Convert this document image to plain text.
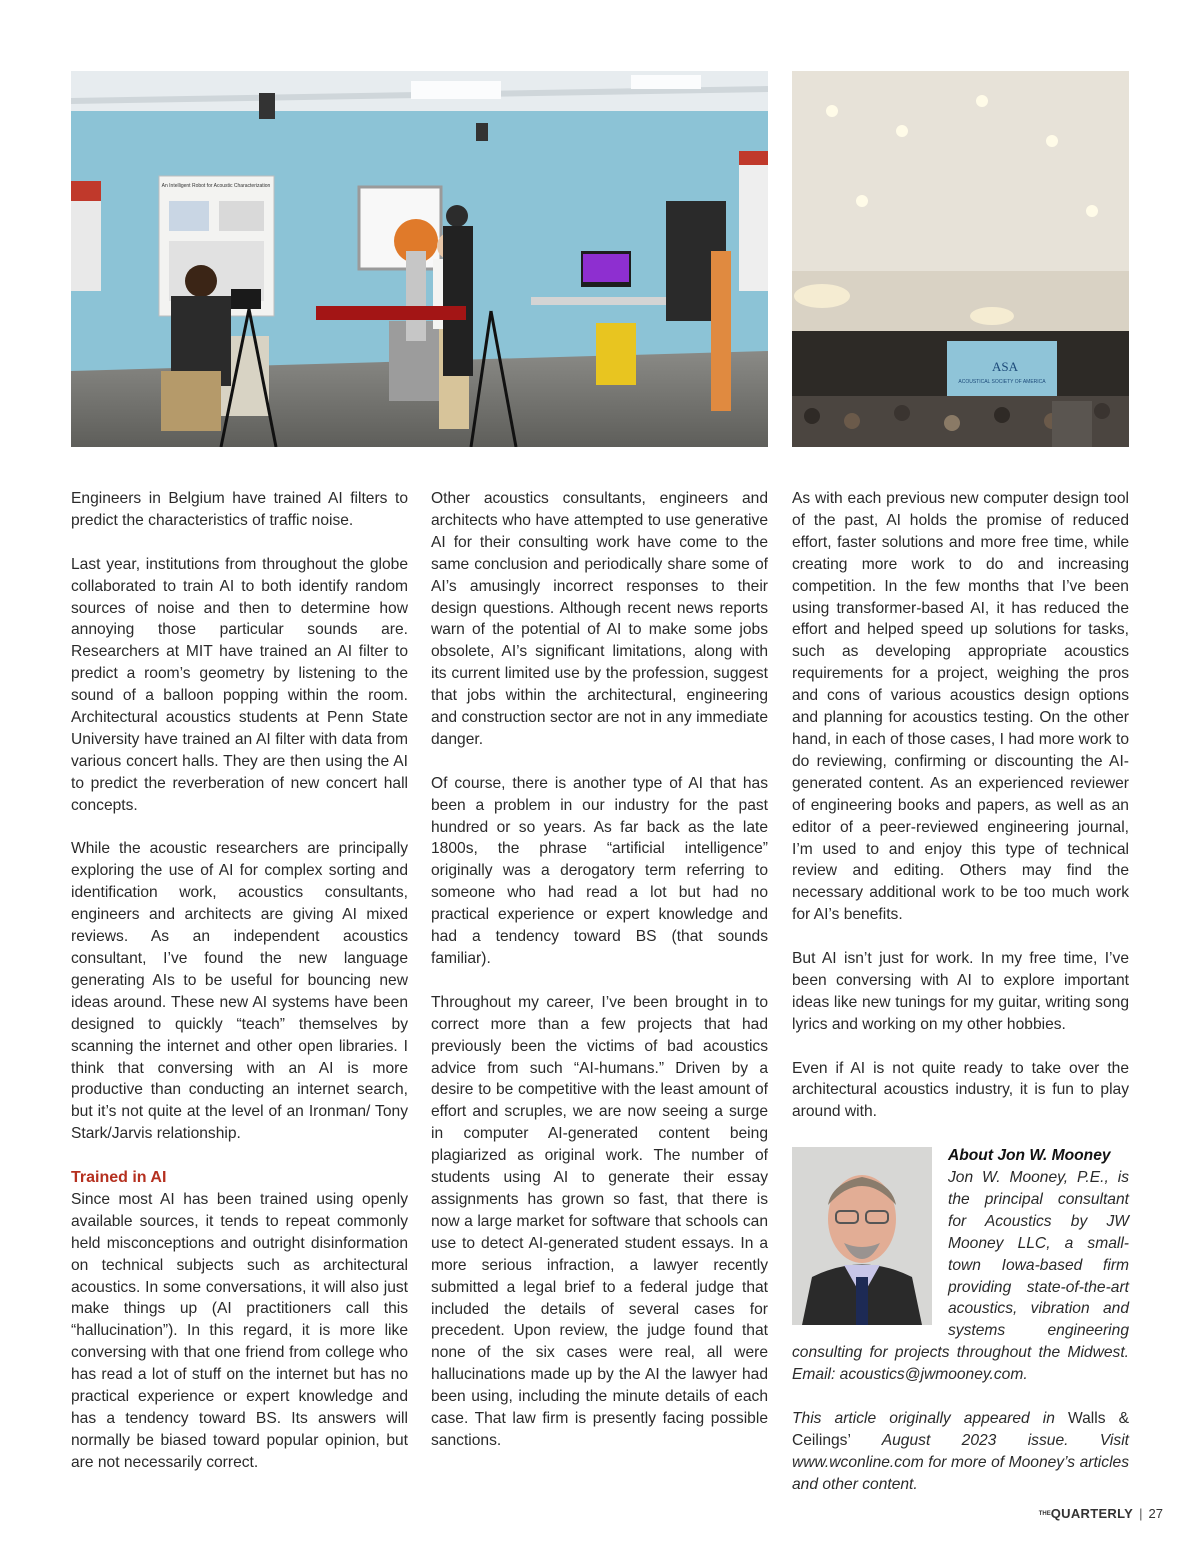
An Intelligent Robot for Acoustic Characterization
ASA
ACOUSTICAL SOCIETY OF AMERICA

Engineers in Belgium have trained AI filters to predict the characteristics of traffic noise.

Last year, institutions from throughout the globe collaborated to train AI to both identify random sources of noise and then to determine how annoying those particular sounds are. Researchers at MIT have trained an AI filter to predict a room’s geometry by listening to the sound of a balloon popping within the room. Architectural acoustics students at Penn State University have trained an AI filter with data from various concert halls. They are then using the AI to predict the reverberation of new concert hall concepts.

While the acoustic researchers are principally exploring the use of AI for complex sorting and identification work, acoustics consultants, engineers and architects are giving AI mixed reviews. As an independent acoustics consultant, I’ve found the new language generating AIs to be useful for bouncing new ideas around. These new AI systems have been designed to quickly “teach” themselves by scanning the internet and other open libraries. I think that conversing with an AI is more productive than conducting an internet search, but it’s not quite at the level of an Ironman/ Tony Stark/Jarvis relationship.

Trained in AI

Since most AI has been trained using openly available sources, it tends to repeat commonly held misconceptions and outright disinformation on technical subjects such as architectural acoustics. In some conversations, it will also just make things up (AI practitioners call this “hallucination”). In this regard, it is more like conversing with that one friend from college who has read a lot of stuff on the internet but has no practical experience or expert knowledge and has a tendency toward BS. Its answers will normally be biased toward popular opinion, but are not necessarily correct.

Other acoustics consultants, engineers and architects who have attempted to use generative AI for their consulting work have come to the same conclusion and periodically share some of AI’s amusingly incorrect responses to their design questions. Although recent news reports warn of the potential of AI to make some jobs obsolete, AI’s significant limitations, along with its current limited use by the profession, suggest that jobs within the architectural, engineering and construction sector are not in any immediate danger.

Of course, there is another type of AI that has been a problem in our industry for the past hundred or so years. As far back as the late 1800s, the phrase “artificial intelligence” originally was a derogatory term referring to someone who had read a lot but had no practical experience or expert knowledge and had a tendency toward BS (that sounds familiar).

Throughout my career, I’ve been brought in to correct more than a few projects that had previously been the victims of bad acoustics advice from such “AI-humans.” Driven by a desire to be competitive with the least amount of effort and scruples, we are now seeing a surge in computer AI-generated content being plagiarized as original work. The number of students using AI to generate their essay assignments has grown so fast, that there is now a large market for software that schools can use to detect AI-generated student essays. In a more serious infraction, a lawyer recently submitted a legal brief to a federal judge that included the details of several cases for precedent. Upon review, the judge found that none of the six cases were real, all were hallucinations made up by the AI the lawyer had been using, including the minute details of each case. That law firm is presently facing possible sanctions.

As with each previous new computer design tool of the past, AI holds the promise of reduced effort, faster solutions and more free time, while creating more work to do and increasing competition. In the few months that I’ve been using transformer-based AI, it has reduced the effort and helped speed up solutions for tasks, such as developing appropriate acoustics requirements for a project, weighing the pros and cons of various acoustics design options and planning for acoustics testing. On the other hand, in each of those cases, I had more work to do reviewing, confirming or discounting the AI-generated content. As an experienced reviewer of engineering books and papers, as well as an editor of a peer-reviewed engineering journal, I’m used to and enjoy this type of technical review and editing. Others may find the necessary additional work to be too much work for AI’s benefits.

But AI isn’t just for work. In my free time, I’ve been conversing with AI to explore important ideas like new tunings for my guitar, writing song lyrics and working on my other hobbies.

Even if AI is not quite ready to take over the architectural acoustics industry, it is fun to play around with.

About Jon W. Mooney
Jon W. Mooney, P.E., is the principal consultant for Acoustics by JW Mooney LLC, a small-town Iowa-based firm providing state-of-the-art acoustics, vibration and systems engineering consulting for projects throughout the Midwest. Email: acoustics@jwmooney.com.

This article originally appeared in Walls & Ceilings’ August 2023 issue. Visit www.wconline.com for more of Mooney’s articles and other content.

$^{THE}$QUARTERLY | 27
